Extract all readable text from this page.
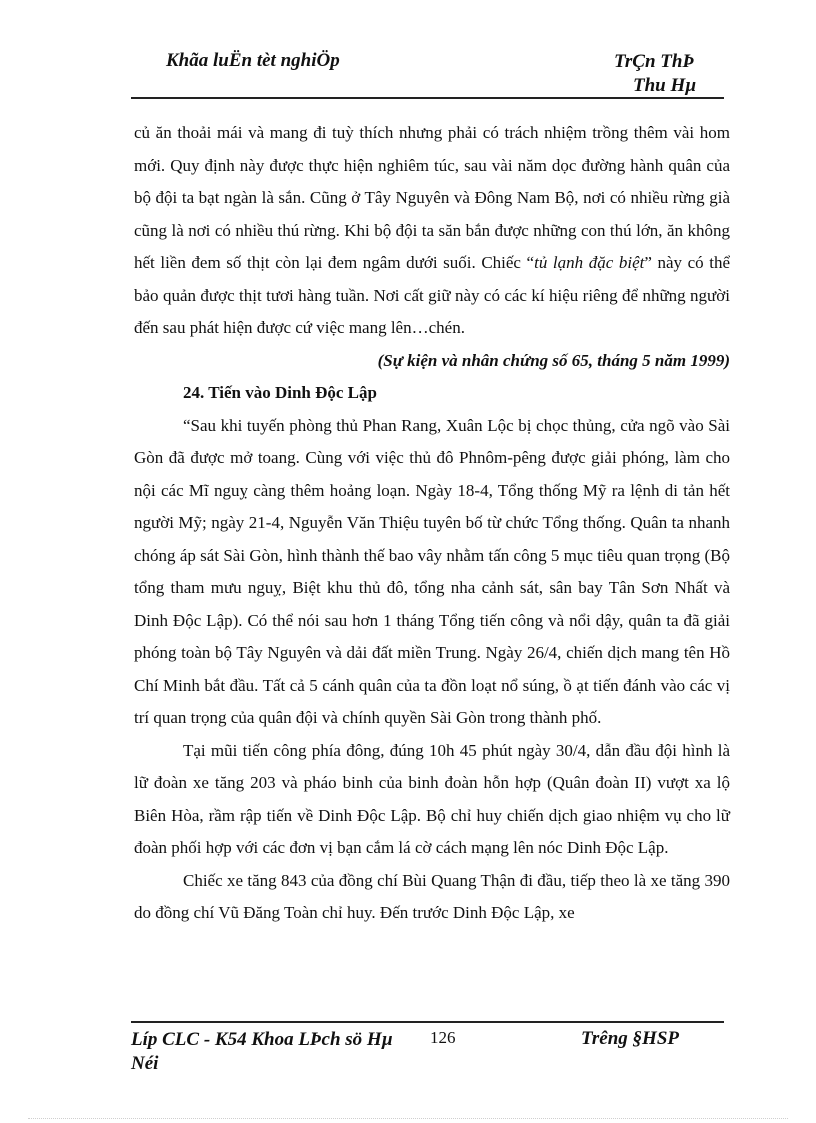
Khãa luËn tèt nghiÖp	TrÇn ThÞ
Thu Hµ

củ ăn thoải mái và mang đi tuỳ thích nhưng phải có trách nhiệm trồng thêm vài hom mới. Quy định này được thực hiện nghiêm túc, sau vài năm dọc đường hành quân của bộ đội ta bạt ngàn là sắn. Cũng ở Tây Nguyên và Đông Nam Bộ, nơi có nhiều rừng già cũng là nơi có nhiều thú rừng. Khi bộ đội ta săn bắn được những con thú lớn, ăn không hết liền đem số thịt còn lại đem ngâm dưới suối. Chiếc “tủ lạnh đặc biệt” này có thể bảo quản được thịt tươi hàng tuần. Nơi cất giữ này có các kí hiệu riêng để những người đến sau phát hiện được cứ việc mang lên…chén.

(Sự kiện và nhân chứng số 65, tháng 5 năm 1999)

24. Tiến vào Dinh Độc Lập

“Sau khi tuyến phòng thủ Phan Rang, Xuân Lộc bị chọc thủng, cửa ngõ vào Sài Gòn đã được mở toang. Cùng với việc thủ đô Phnôm-pêng được giải phóng, làm cho nội các Mĩ nguỵ càng thêm hoảng loạn. Ngày 18-4, Tổng thống Mỹ ra lệnh di tản hết người Mỹ; ngày 21-4, Nguyễn Văn Thiệu tuyên bố từ chức Tổng thống. Quân ta nhanh chóng áp sát Sài Gòn, hình thành thế bao vây nhằm tấn công 5 mục tiêu quan trọng (Bộ tổng tham mưu nguỵ, Biệt khu thủ đô, tổng nha cảnh sát, sân bay Tân Sơn Nhất và Dinh Độc Lập). Có thể nói sau hơn 1 tháng Tổng tiến công và nổi dậy, quân ta đã giải phóng toàn bộ Tây Nguyên và dải đất miền Trung. Ngày 26/4, chiến dịch mang tên Hồ Chí Minh bắt đầu. Tất cả 5 cánh quân của ta đồn loạt nổ súng, ồ ạt tiến đánh vào các vị trí quan trọng của quân đội và chính quyền Sài Gòn trong thành phố.

Tại mũi tiến công phía đông, đúng 10h 45 phút ngày 30/4, dẫn đầu đội hình là lữ đoàn xe tăng 203 và pháo binh của binh đoàn hỗn hợp (Quân đoàn II) vượt xa lộ Biên Hòa, rầm rập tiến về Dinh Độc Lập. Bộ chỉ huy chiến dịch giao nhiệm vụ cho lữ đoàn phối hợp với các đơn vị bạn cắm lá cờ cách mạng lên nóc Dinh Độc Lập.

Chiếc xe tăng 843 của đồng chí Bùi Quang Thận đi đầu, tiếp theo là xe tăng 390 do đồng chí Vũ Đăng Toàn chỉ huy. Đến trước Dinh Độc Lập, xe

Líp CLC - K54 Khoa LÞch sö Hµ Néi
126	Trêng §HSP
